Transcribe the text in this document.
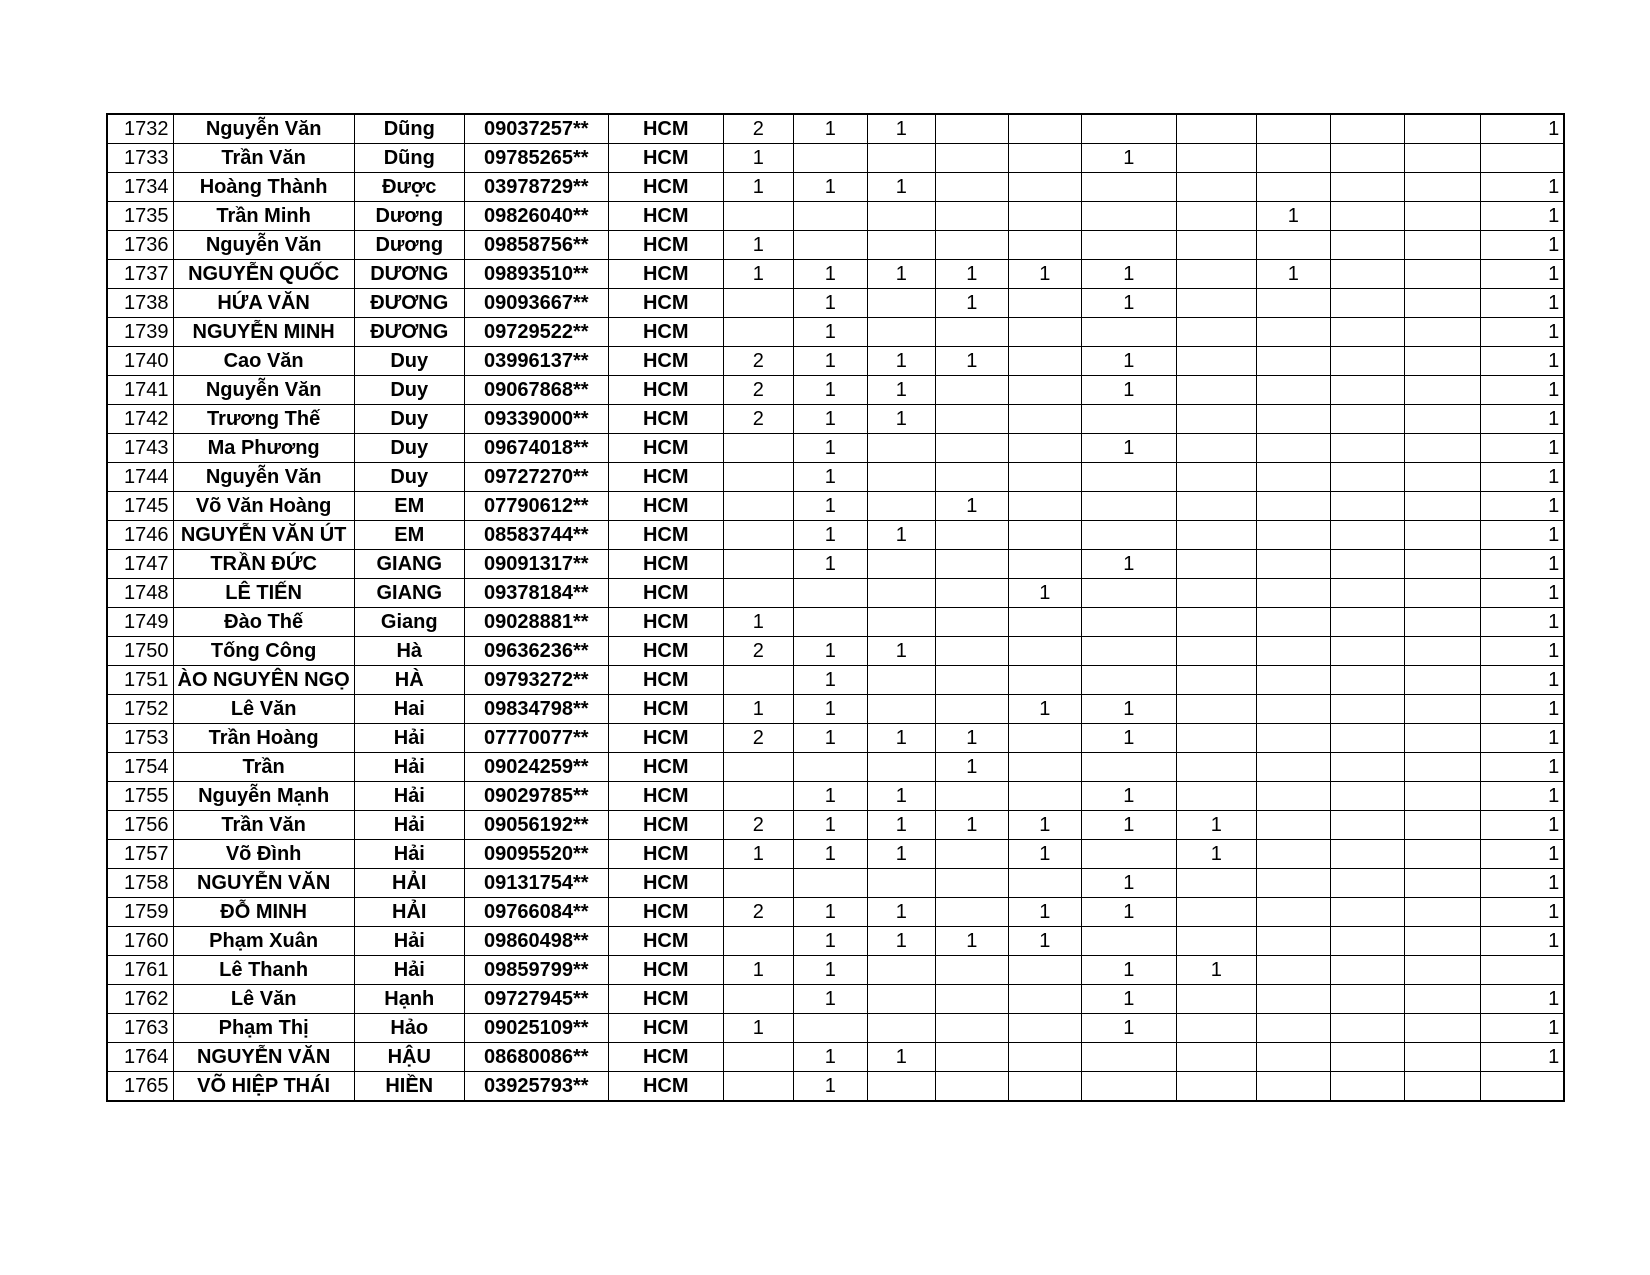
1732	Nguyễn Văn	Dũng	09037257**	HCM	2	1	1								1
1733	Trần Văn	Dũng	09785265**	HCM	1					1					
1734	Hoàng Thành	Được	03978729**	HCM	1	1	1								1
1735	Trần Minh	Dương	09826040**	HCM								1			1
1736	Nguyễn Văn	Dương	09858756**	HCM	1										1
1737	NGUYỄN QUỐC	DƯƠNG	09893510**	HCM	1	1	1	1	1	1		1			1
1738	HỨA VĂN	ĐƯƠNG	09093667**	HCM		1		1		1					1
1739	NGUYỄN MINH	ĐƯƠNG	09729522**	HCM		1									1
1740	Cao Văn	Duy	03996137**	HCM	2	1	1	1		1					1
1741	Nguyễn Văn	Duy	09067868**	HCM	2	1	1			1					1
1742	Trương Thế	Duy	09339000**	HCM	2	1	1								1
1743	Ma Phương	Duy	09674018**	HCM		1				1					1
1744	Nguyễn Văn	Duy	09727270**	HCM		1									1
1745	Võ Văn Hoàng	EM	07790612**	HCM		1		1							1
1746	NGUYỄN VĂN ÚT	EM	08583744**	HCM		1	1								1
1747	TRẦN ĐỨC	GIANG	09091317**	HCM		1				1					1
1748	LÊ TIẾN	GIANG	09378184**	HCM					1						1
1749	Đào Thế	Giang	09028881**	HCM	1										1
1750	Tống Công	Hà	09636236**	HCM	2	1	1								1
1751	ÀO NGUYÊN NGỌ	HÀ	09793272**	HCM		1									1
1752	Lê Văn	Hai	09834798**	HCM	1	1			1	1					1
1753	Trần Hoàng	Hải	07770077**	HCM	2	1	1	1		1					1
1754	Trần	Hải	09024259**	HCM				1							1
1755	Nguyễn Mạnh	Hải	09029785**	HCM		1	1			1					1
1756	Trần Văn	Hải	09056192**	HCM	2	1	1	1	1	1	1				1
1757	Võ Đình	Hải	09095520**	HCM	1	1	1		1		1				1
1758	NGUYỄN VĂN	HẢI	09131754**	HCM						1					1
1759	ĐỖ MINH	HẢI	09766084**	HCM	2	1	1		1	1					1
1760	Phạm Xuân	Hải	09860498**	HCM		1	1	1	1						1
1761	Lê Thanh	Hải	09859799**	HCM	1	1				1	1				
1762	Lê Văn	Hạnh	09727945**	HCM		1				1					1
1763	Phạm Thị	Hảo	09025109**	HCM	1					1					1
1764	NGUYỄN VĂN	HẬU	08680086**	HCM		1	1								1
1765	VÕ HIỆP THÁI	HIỀN	03925793**	HCM		1									
